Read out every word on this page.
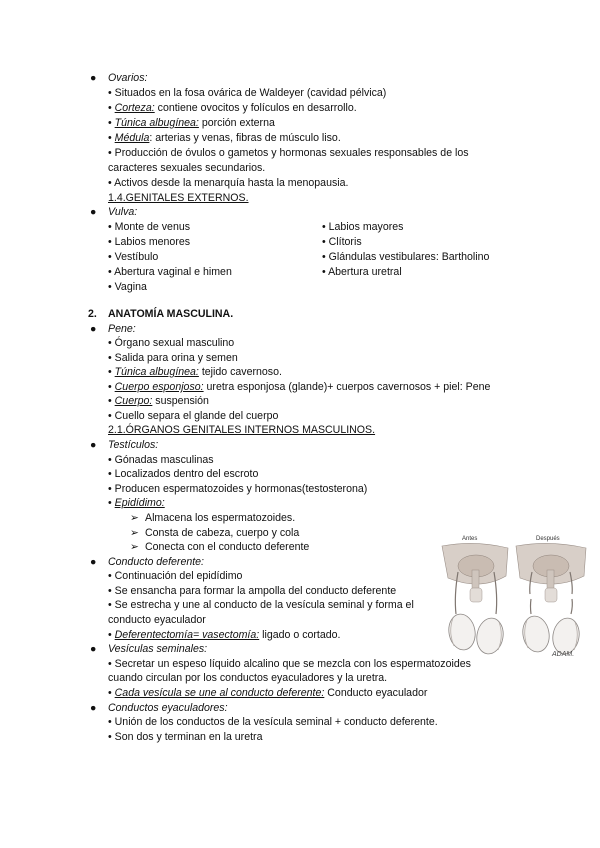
● Ovarios:
• Situados en la fosa ovárica de Waldeyer (cavidad pélvica)
• Corteza: contiene ovocitos y folículos en desarrollo.
• Túnica albugínea: porción externa
• Médula: arterias y venas, fibras de músculo liso.
• Producción de óvulos o gametos y hormonas sexuales responsables de los
caracteres sexuales secundarios.
• Activos desde la menarquía hasta la menopausia.
1.4.GENITALES EXTERNOS.
● Vulva:
• Monte de venus
• Labios menores
• Vestíbulo
• Abertura vaginal e himen
• Vagina
• Labios mayores
• Clítoris
• Glándulas vestibulares: Bartholino
• Abertura uretral
2. ANATOMÍA MASCULINA.
● Pene:
• Órgano sexual masculino
• Salida para orina y semen
• Túnica albugínea: tejido cavernoso.
• Cuerpo esponjoso: uretra esponjosa (glande)+ cuerpos cavernosos + piel: Pene
• Cuerpo: suspensión
• Cuello separa el glande del cuerpo
2.1.ÓRGANOS GENITALES INTERNOS MASCULINOS.
● Testículos:
• Gónadas masculinas
• Localizados dentro del escroto
• Producen espermatozoides y hormonas(testosterona)
• Epidídimo:
➢ Almacena los espermatozoides.
➢ Consta de cabeza, cuerpo y cola
➢ Conecta con el conducto deferente
● Conducto deferente:
• Continuación del epidídimo
• Se ensancha para formar la ampolla del conducto deferente
• Se estrecha y une al conducto de la vesícula seminal y forma el
conducto eyaculador
• Deferentectomía= vasectomía: ligado o cortado.
● Vesículas seminales:
• Secretar un espeso líquido alcalino que se mezcla con los espermatozoides
cuando circulan por los conductos eyaculadores y la uretra.
• Cada vesícula se une al conducto deferente: Conducto eyaculador
● Conductos eyaculadores:
• Unión de los conductos de la vesícula seminal + conducto deferente.
• Son dos y terminan en la uretra
Antes	Después
ADAM.
